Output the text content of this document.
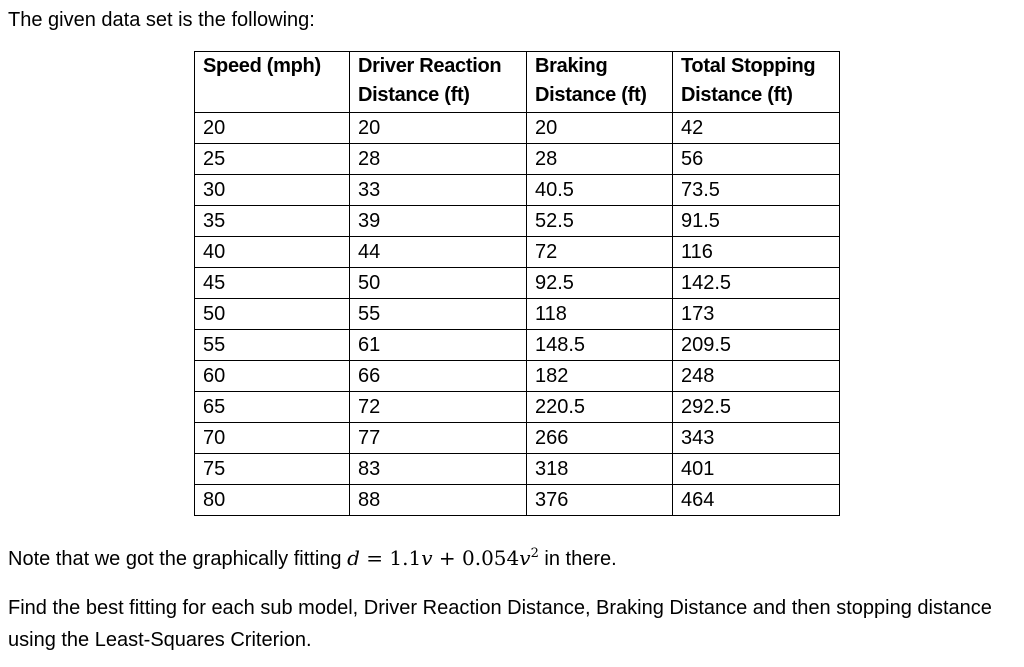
The given data set is the following:
Speed (mph)	Driver Reaction Distance (ft)	Braking Distance (ft)	Total Stopping Distance (ft)
20	20	20	42
25	28	28	56
30	33	40.5	73.5
35	39	52.5	91.5
40	44	72	116
45	50	92.5	142.5
50	55	118	173
55	61	148.5	209.5
60	66	182	248
65	72	220.5	292.5
70	77	266	343
75	83	318	401
80	88	376	464
Note that we got the graphically fitting $d = 1.1v + 0.054v^2$ in there.
Find the best fitting for each sub model, Driver Reaction Distance, Braking Distance and then stopping distance using the Least-Squares Criterion.
